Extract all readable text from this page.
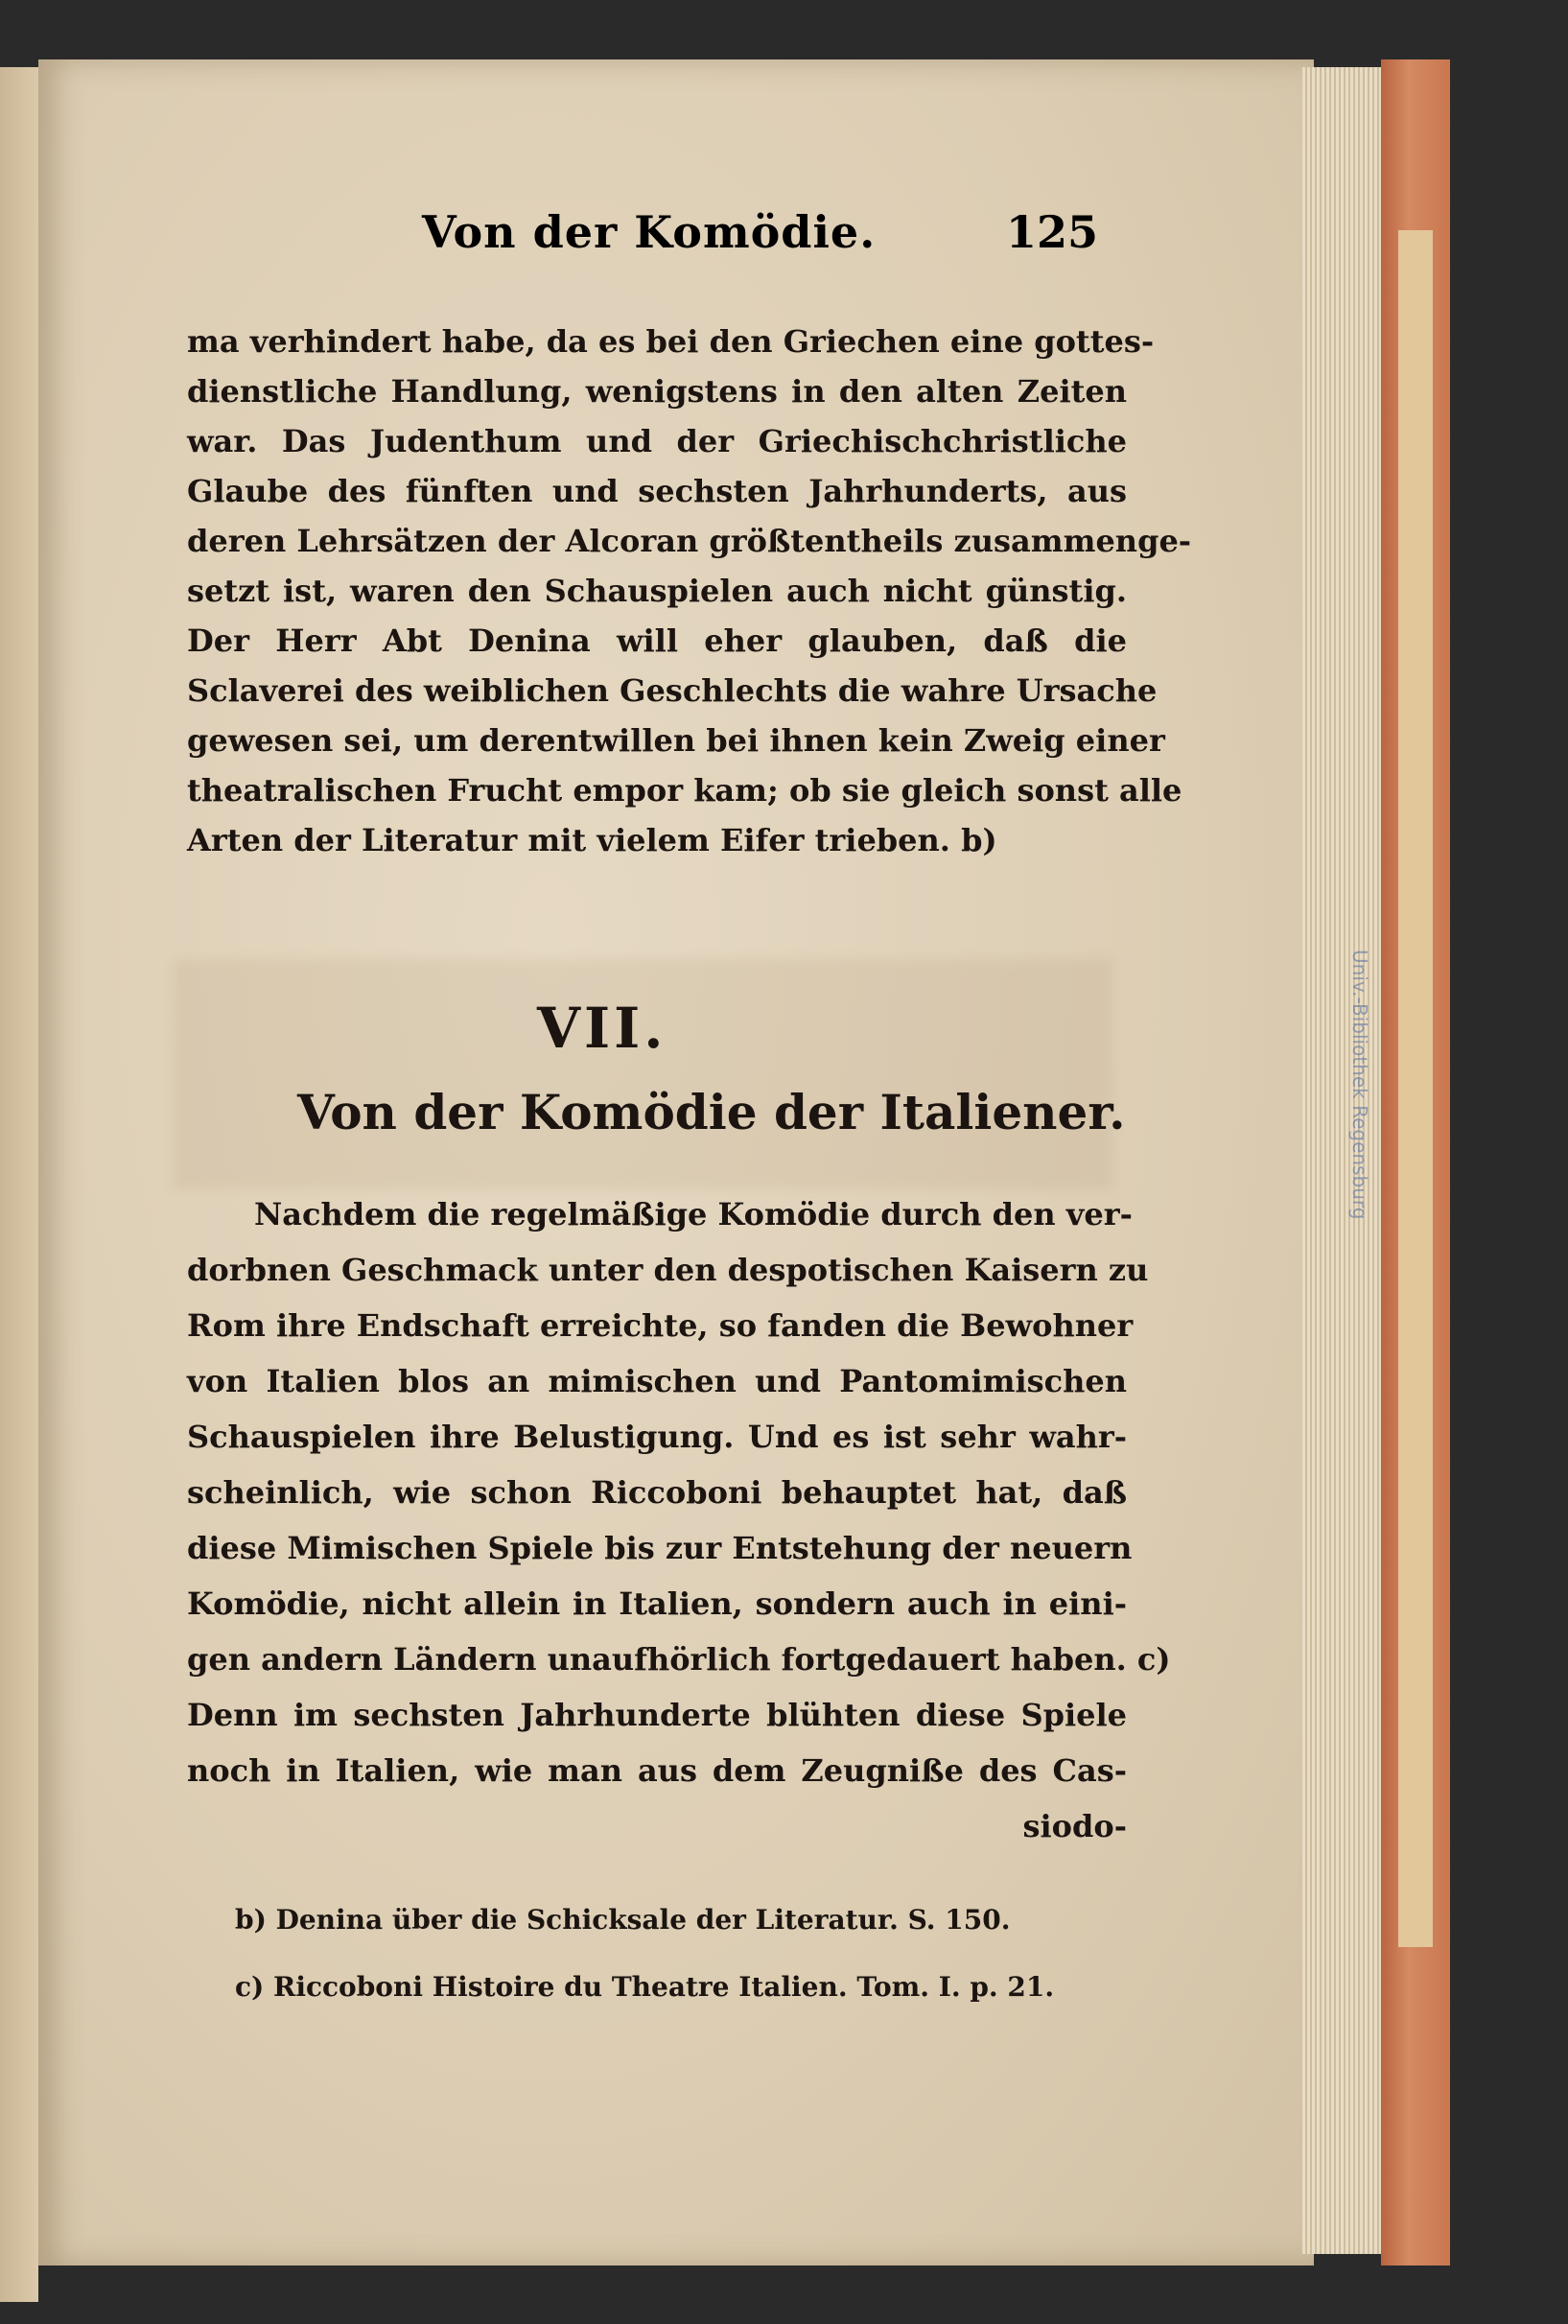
Univ.-Bibliothek Regensburg
Von der Komödie.	125
ma verhindert habe, da es bei den Griechen eine gottes-
dienstliche Handlung, wenigstens in den alten Zeiten
war. Das Judenthum und der Griechischchristliche
Glaube des fünften und sechsten Jahrhunderts, aus
deren Lehrsätzen der Alcoran größtentheils zusammenge-
setzt ist, waren den Schauspielen auch nicht günstig.
Der Herr Abt Denina will eher glauben, daß die
Sclaverei des weiblichen Geschlechts die wahre Ursache
gewesen sei, um derentwillen bei ihnen kein Zweig einer
theatralischen Frucht empor kam; ob sie gleich sonst alle
Arten der Literatur mit vielem Eifer trieben. b)
VII.
Von der Komödie der Italiener.
Nachdem die regelmäßige Komödie durch den ver-
dorbnen Geschmack unter den despotischen Kaisern zu
Rom ihre Endschaft erreichte, so fanden die Bewohner
von Italien blos an mimischen und Pantomimischen
Schauspielen ihre Belustigung. Und es ist sehr wahr-
scheinlich, wie schon Riccoboni behauptet hat, daß
diese Mimischen Spiele bis zur Entstehung der neuern
Komödie, nicht allein in Italien, sondern auch in eini-
gen andern Ländern unaufhörlich fortgedauert haben. c)
Denn im sechsten Jahrhunderte blühten diese Spiele
noch in Italien, wie man aus dem Zeugniße des Cas-
siodo-
b) Denina über die Schicksale der Literatur. S. 150.
c) Riccoboni Histoire du Theatre Italien. Tom. I. p. 21.
